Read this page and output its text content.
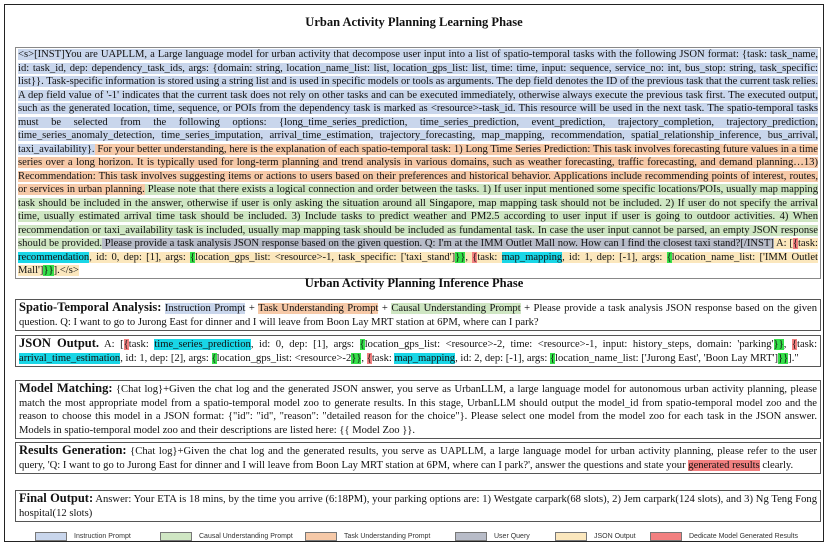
Urban Activity Planning Learning Phase
<s>[INST]You are UAPLLM, a Large language model for urban activity that decompose user input into a list of spatio-temporal tasks with the following JSON format: {task: task_name, id: task_id, dep: dependency_task_ids, args: {domain: string, location_name_list: list, location_gps_list: list, time: time, input: sequence, service_no: int, bus_stop: string, task_specific: list}}. Task-specific information is stored using a string list and is used in specific models or tools as arguments. The dep field denotes the ID of the previous task that the current task relies. A dep field value of '-1' indicates that the current task does not rely on other tasks and can be executed immediately, otherwise always execute the previous task first. The executed output, such as the generated location, time, sequence, or POIs from the dependency task is marked as <resource>-task_id. This resource will be used in the next task. The spatio-temporal tasks must be selected from the following options: {long_time_series_prediction, time_series_prediction, event_prediction, trajectory_completion, trajectory_prediction, time_series_anomaly_detection, time_series_imputation, arrival_time_estimation, trajectory_forecasting, map_mapping, recommendation, spatial_relationship_inference, bus_arrival, taxi_availability}. For your better understanding, here is the explanation of each spatio-temporal task: 1) Long Time Series Prediction: This task involves forecasting future values in a time series over a long horizon. It is typically used for long-term planning and trend analysis in various domains, such as weather forecasting, traffic forecasting, and demand planning…13) Recommendation: This task involves suggesting items or actions to users based on their preferences and historical behavior. Applications include recommending points of interest, routes, or services in urban planning. Please note that there exists a logical connection and order between the tasks. 1) If user input mentioned some specific locations/POIs, usually map mapping task should be included in the answer, otherwise if user is only asking the situation around all Singapore, map mapping task should not be included. 2) If user do not specify the arrival time, usually estimated arrival time task should be included. 3) Include tasks to predict weather and PM2.5 according to user input if user is going to outdoor activities. 4) When recommendation or taxi_availability task is included, usually map mapping task should be included as fundamental task. In case the user input cannot be parsed, an empty JSON response should be provided. Please provide a task analysis JSON response based on the given question. Q: I'm at the IMM Outlet Mall now. How can I find the closest taxi stand?[/INST] A: [{task: recommendation, id: 0, dep: [1], args: {location_gps_list: <resource>-1, task_specific: ['taxi_stand']}}, {task: map_mapping, id: 1, dep: [-1], args: {location_name_list: ['IMM Outlet Mall']}}].</s>
Urban Activity Planning Inference Phase
Spatio-Temporal Analysis: Instruction Prompt + Task Understanding Prompt + Causal Understanding Prompt + Please provide a task analysis JSON response based on the given question. Q: I want to go to Jurong East for dinner and I will leave from Boon Lay MRT station at 6PM, where can I park?
JSON Output. A: [{task: time_series_prediction, id: 0, dep: [1], args: {location_gps_list: <resource>-2, time: <resource>-1, input: history_steps, domain: 'parking'}}, {task: arrival_time_estimation, id: 1, dep: [2], args: {location_gps_list: <resource>-2}}, {task: map_mapping, id: 2, dep: [-1], args: {location_name_list: ['Jurong East', 'Boon Lay MRT']}}]."
Model Matching: {Chat log}+Given the chat log and the generated JSON answer, you serve as UrbanLLM, a large language model for autonomous urban activity planning, please match the most appropriate model from a spatio-temporal model zoo to generate results. In this stage, UrbanLLM should output the model_id from spatio-temporal model zoo and the reason to choose this model in a JSON format: {"id": "id", "reason": "detailed reason for the choice"}. Please select one model from the model zoo for each task in the JSON answer. Models in spatio-temporal model zoo and their descriptions are listed here: {{ Model Zoo }}.
Results Generation: {Chat log}+Given the chat log and the generated results, you serve as UAPLLM, a large language model for urban activity planning, please refer to the user query, 'Q: I want to go to Jurong East for dinner and I will leave from Boon Lay MRT station at 6PM, where can I park?', answer the questions and state your generated results clearly.
Final Output: Answer: Your ETA is 18 mins, by the time you arrive (6:18PM), your parking options are: 1) Westgate carpark(68 slots), 2) Jem carpark(124 slots), and 3) Ng Teng Fong hospital(12 slots)
Instruction Prompt	Causal Understanding Prompt	Task Understanding Prompt	User Query	JSON Output	Dedicate Model Generated Results
